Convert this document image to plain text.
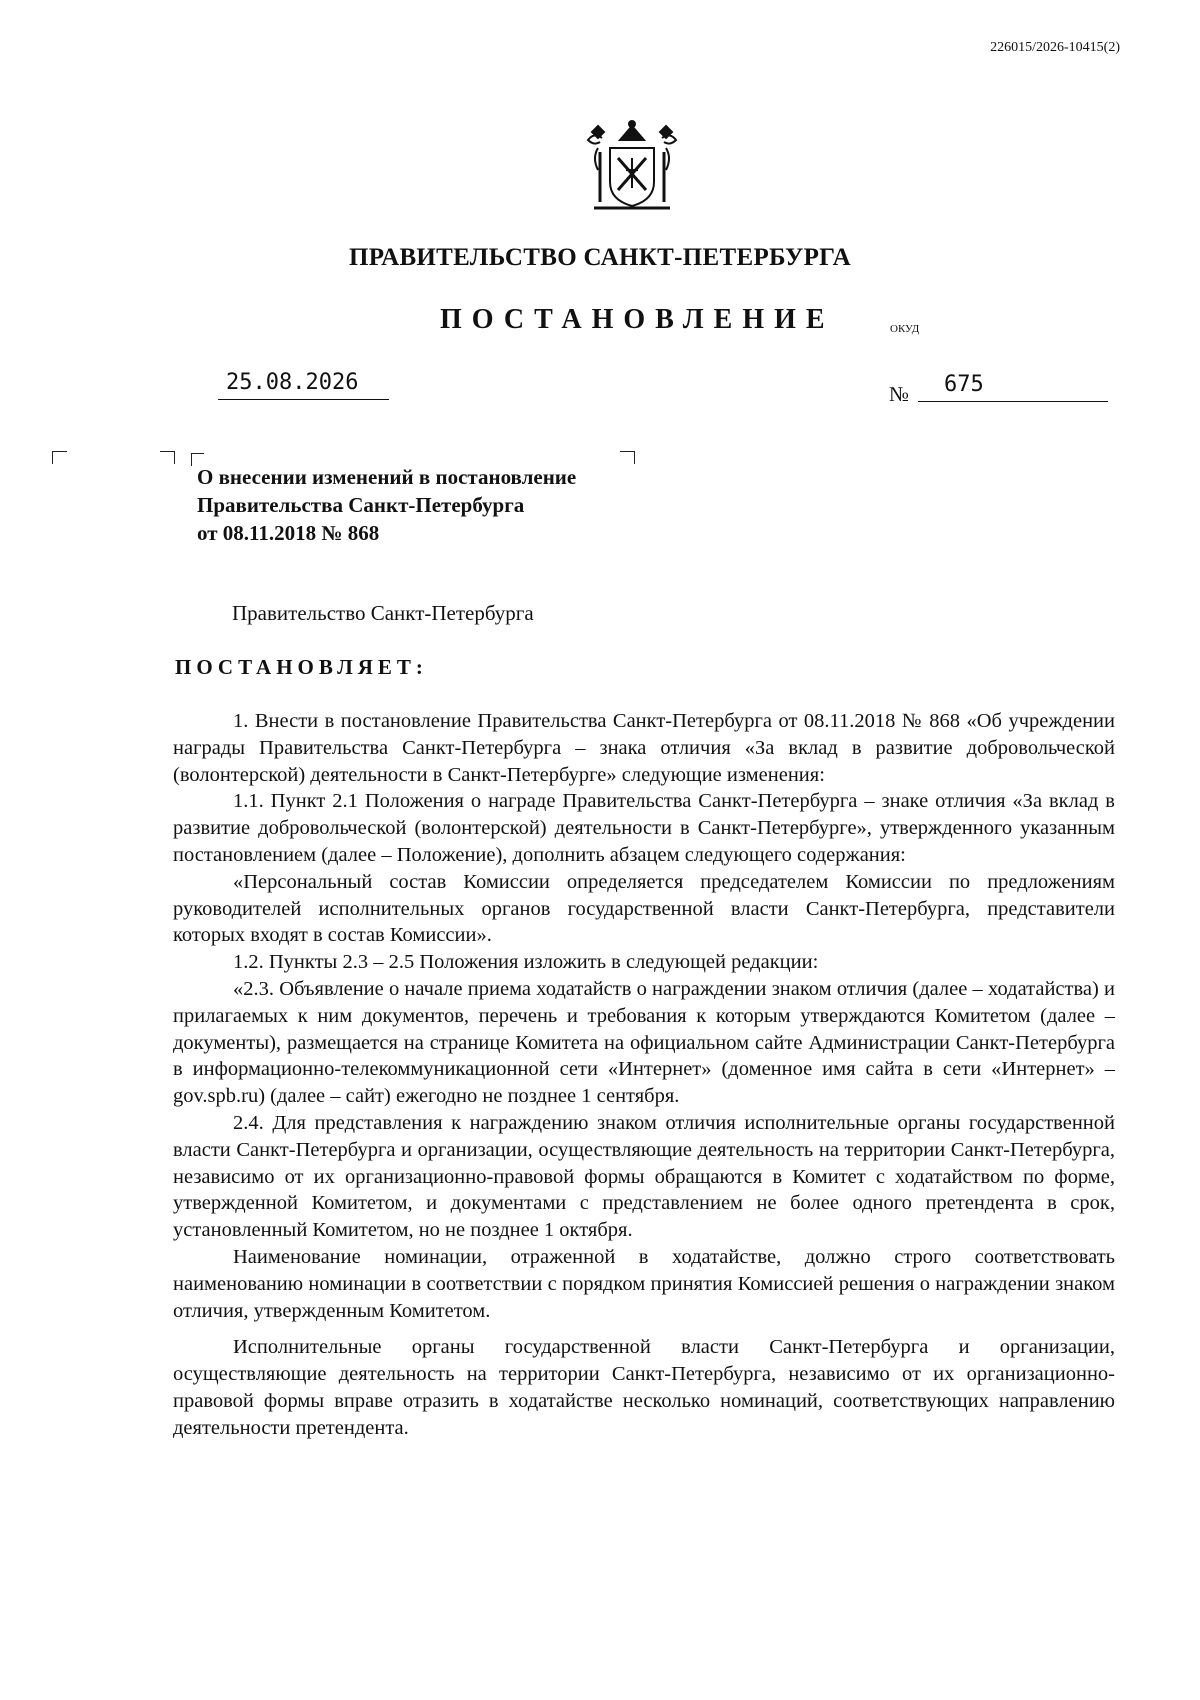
226015/2026-10415(2)
ПРАВИТЕЛЬСТВО САНКТ-ПЕТЕРБУРГА
ПОСТАНОВЛЕНИЕ	ОКУД
25.08.2026	№	675
О внесении изменений в постановление
Правительства Санкт-Петербурга
от 08.11.2018 № 868
Правительство Санкт-Петербурга
ПОСТАНОВЛЯЕТ:

1. Внести в постановление Правительства Санкт-Петербурга от 08.11.2018 № 868 «Об учреждении награды Правительства Санкт-Петербурга – знака отличия «За вклад в развитие добровольческой (волонтерской) деятельности в Санкт-Петербурге» следующие изменения:

1.1. Пункт 2.1 Положения о награде Правительства Санкт-Петербурга – знаке отличия «За вклад в развитие добровольческой (волонтерской) деятельности в Санкт-Петербурге», утвержденного указанным постановлением (далее – Положение), дополнить абзацем следующего содержания:

«Персональный состав Комиссии определяется председателем Комиссии по предложениям руководителей исполнительных органов государственной власти Санкт-Петербурга, представители которых входят в состав Комиссии».

1.2. Пункты 2.3 – 2.5 Положения изложить в следующей редакции:

«2.3. Объявление о начале приема ходатайств о награждении знаком отличия (далее – ходатайства) и прилагаемых к ним документов, перечень и требования к которым утверждаются Комитетом (далее – документы), размещается на странице Комитета на официальном сайте Администрации Санкт-Петербурга в информационно-телекоммуникационной сети «Интернет» (доменное имя сайта в сети «Интернет» – gov.spb.ru) (далее – сайт) ежегодно не позднее 1 сентября.

2.4. Для представления к награждению знаком отличия исполнительные органы государственной власти Санкт-Петербурга и организации, осуществляющие деятельность на территории Санкт-Петербурга, независимо от их организационно-правовой формы обращаются в Комитет с ходатайством по форме, утвержденной Комитетом, и документами с представлением не более одного претендента в срок, установленный Комитетом, но не позднее 1 октября.

Наименование номинации, отраженной в ходатайстве, должно строго соответствовать наименованию номинации в соответствии с порядком принятия Комиссией решения о награждении знаком отличия, утвержденным Комитетом.

Исполнительные органы государственной власти Санкт-Петербурга и организации, осуществляющие деятельность на территории Санкт-Петербурга, независимо от их организационно-правовой формы вправе отразить в ходатайстве несколько номинаций, соответствующих направлению деятельности претендента.
